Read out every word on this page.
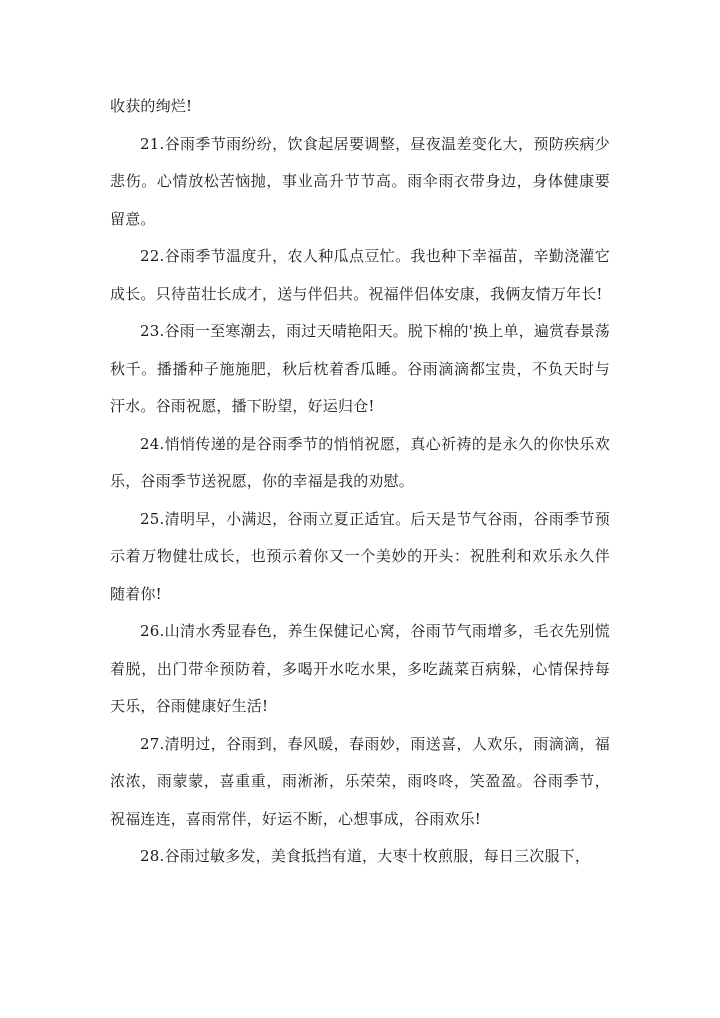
收获的绚烂!

21.谷雨季节雨纷纷，饮食起居要调整，昼夜温差变化大，预防疾病少悲伤。心情放松苦恼抛，事业高升节节高。雨伞雨衣带身边，身体健康要留意。

22.谷雨季节温度升，农人种瓜点豆忙。我也种下幸福苗，辛勤浇灌它成长。只待苗壮长成才，送与伴侣共。祝福伴侣体安康，我俩友情万年长!

23.谷雨一至寒潮去，雨过天晴艳阳天。脱下棉的'换上单，遍赏春景荡秋千。播播种子施施肥，秋后枕着香瓜睡。谷雨滴滴都宝贵，不负天时与汗水。谷雨祝愿，播下盼望，好运归仓!

24.悄悄传递的是谷雨季节的悄悄祝愿，真心祈祷的是永久的你快乐欢乐，谷雨季节送祝愿，你的幸福是我的劝慰。

25.清明早，小满迟，谷雨立夏正适宜。后天是节气谷雨，谷雨季节预示着万物健壮成长，也预示着你又一个美妙的开头：祝胜利和欢乐永久伴随着你!

26.山清水秀显春色，养生保健记心窝，谷雨节气雨增多，毛衣先别慌着脱，出门带伞预防着，多喝开水吃水果，多吃蔬菜百病躲，心情保持每天乐，谷雨健康好生活!

27.清明过，谷雨到，春风暖，春雨妙，雨送喜，人欢乐，雨滴滴，福浓浓，雨蒙蒙，喜重重，雨淅淅，乐荣荣，雨咚咚，笑盈盈。谷雨季节，祝福连连，喜雨常伴，好运不断，心想事成，谷雨欢乐!

28.谷雨过敏多发，美食抵挡有道，大枣十枚煎服，每日三次服下，
